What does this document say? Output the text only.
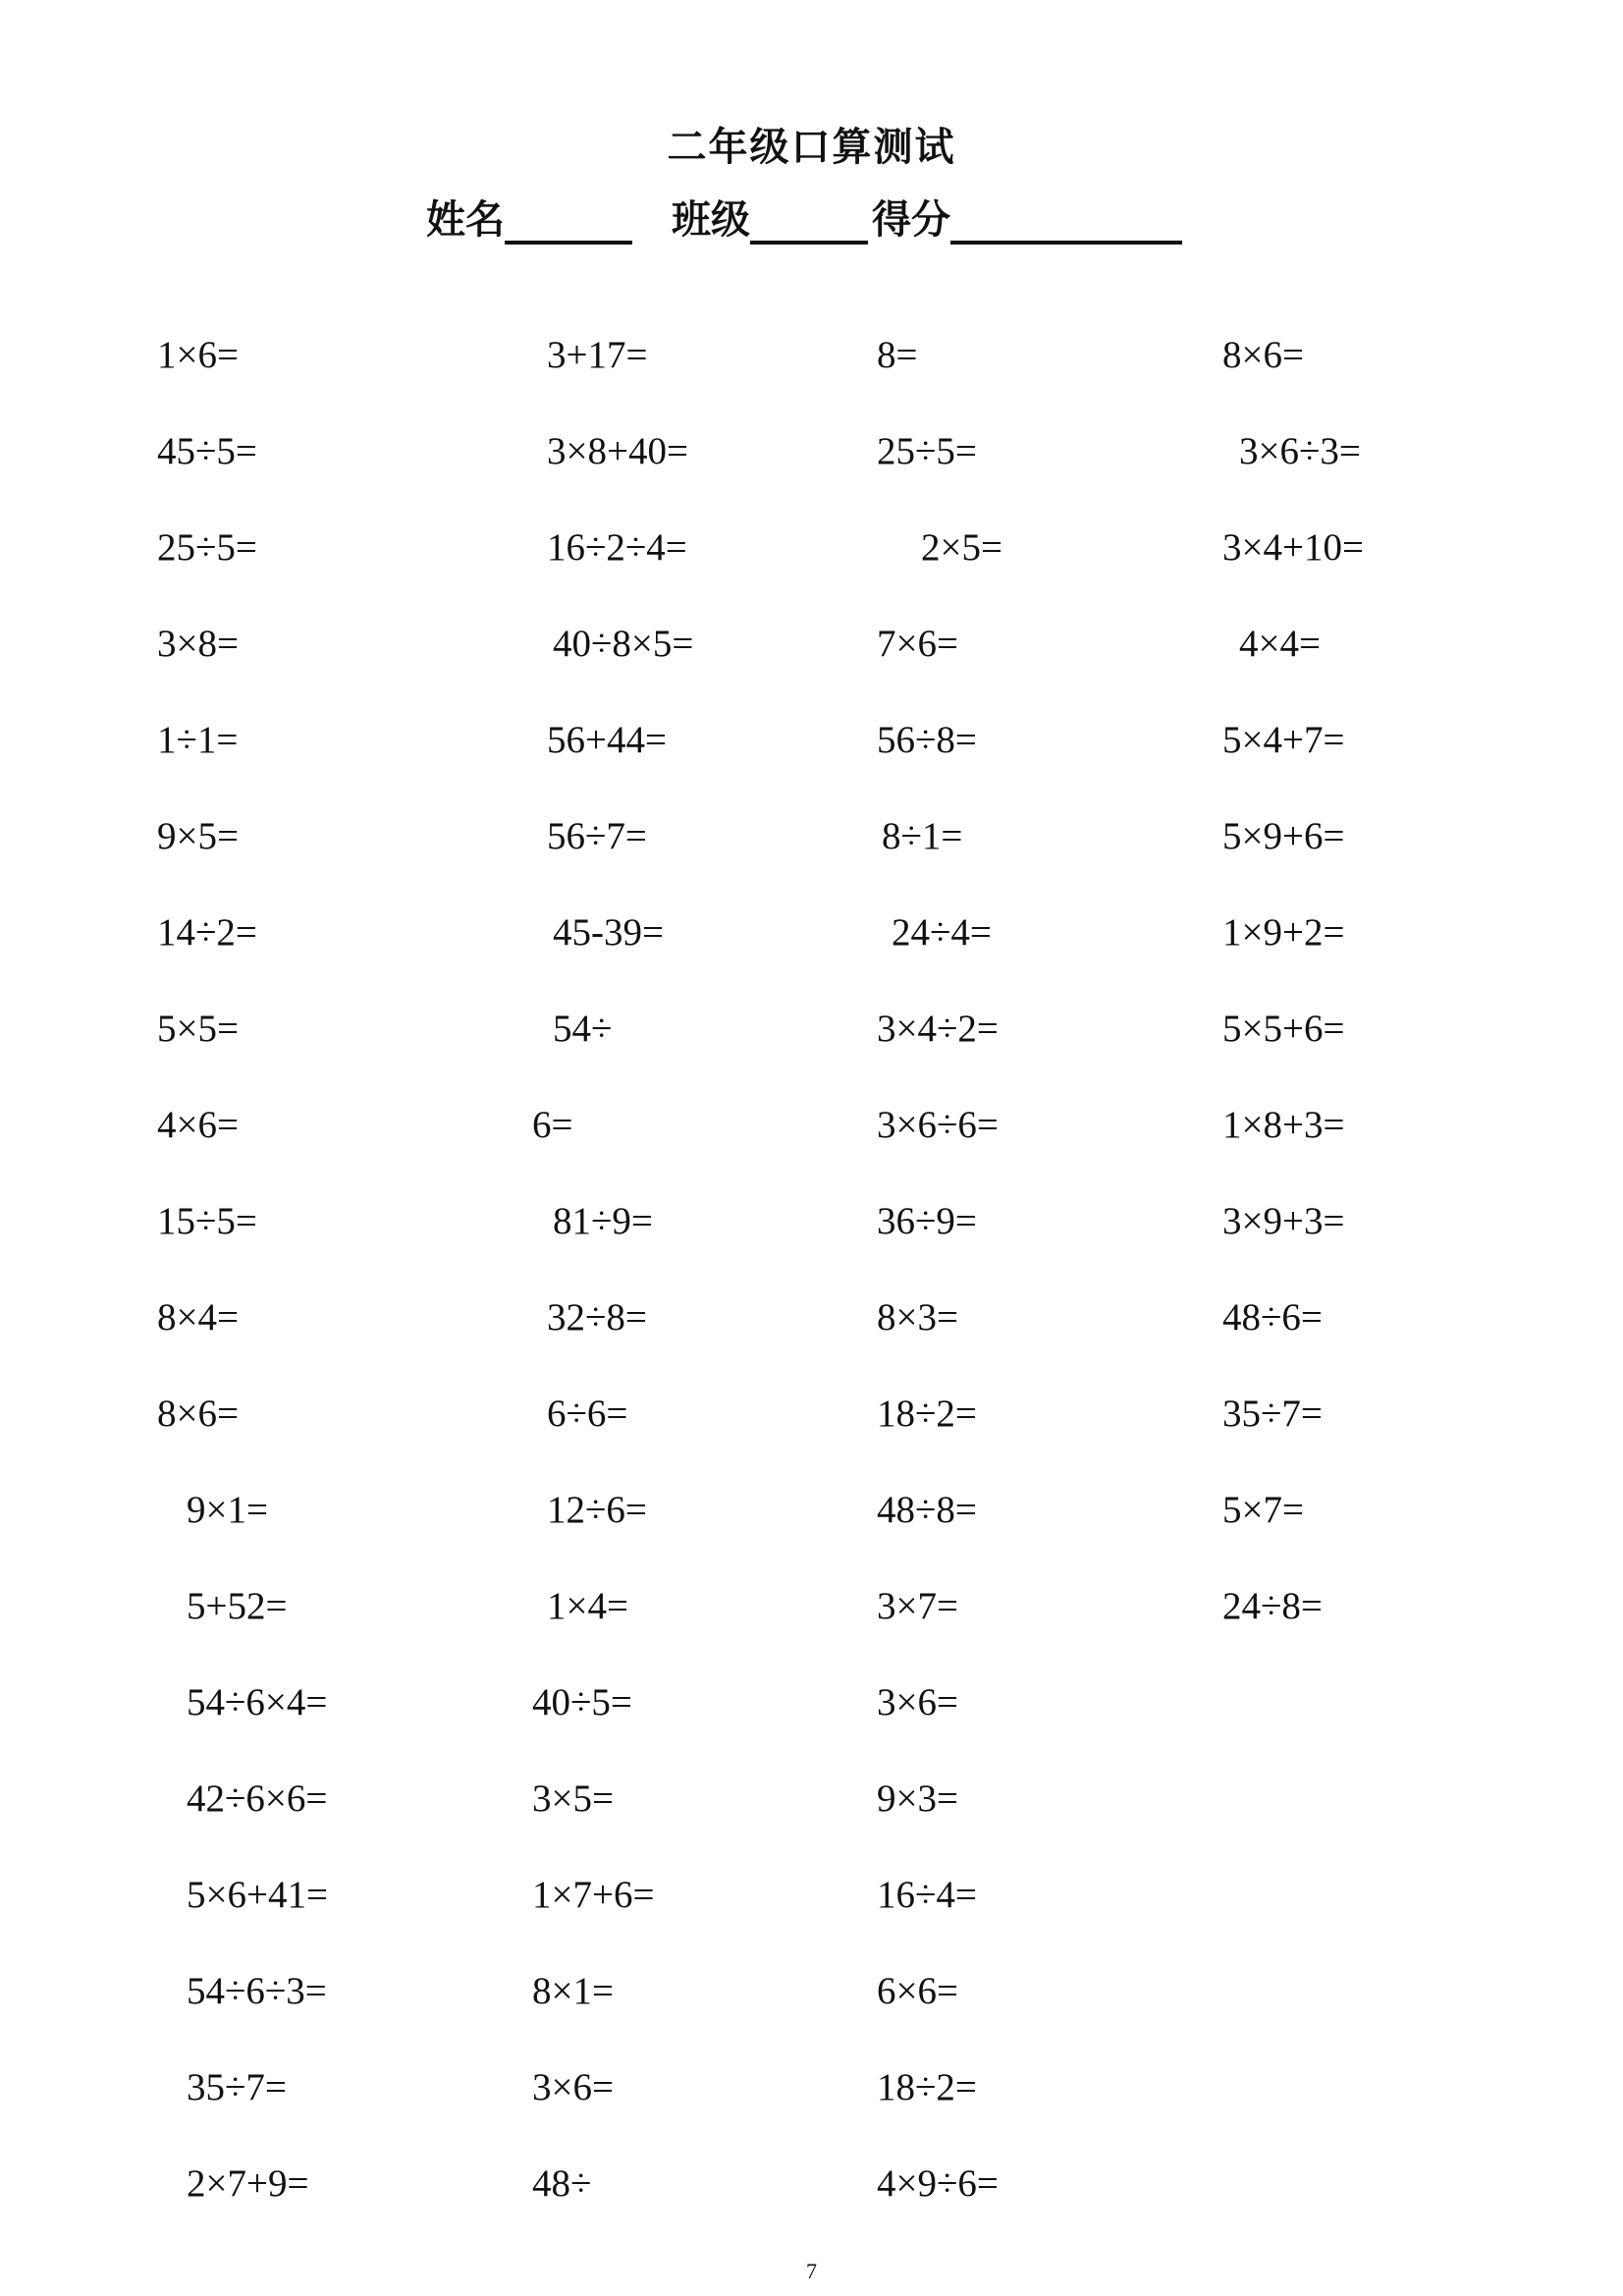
二年级口算测试
姓名	班级	得分
1×6=
45÷5=
25÷5=
3×8=
1÷1=
9×5=
14÷2=
5×5=
4×6=
15÷5=
8×4=
8×6=
9×1=
5+52=
54÷6×4=
42÷6×6=
5×6+41=
54÷6÷3=
35÷7=
2×7+9=
3+17=
3×8+40=
16÷2÷4=
40÷8×5=
56+44=
56÷7=
45-39=
54÷
6=
81÷9=
32÷8=
6÷6=
12÷6=
1×4=
40÷5=
3×5=
1×7+6=
8×1=
3×6=
48÷
8=
25÷5=
2×5=
7×6=
56÷8=
8÷1=
24÷4=
3×4÷2=
3×6÷6=
36÷9=
8×3=
18÷2=
48÷8=
3×7=
3×6=
9×3=
16÷4=
6×6=
18÷2=
4×9÷6=
8×6=
3×6÷3=
3×4+10=
4×4=
5×4+7=
5×9+6=
1×9+2=
5×5+6=
1×8+3=
3×9+3=
48÷6=
35÷7=
5×7=
24÷8=
7
